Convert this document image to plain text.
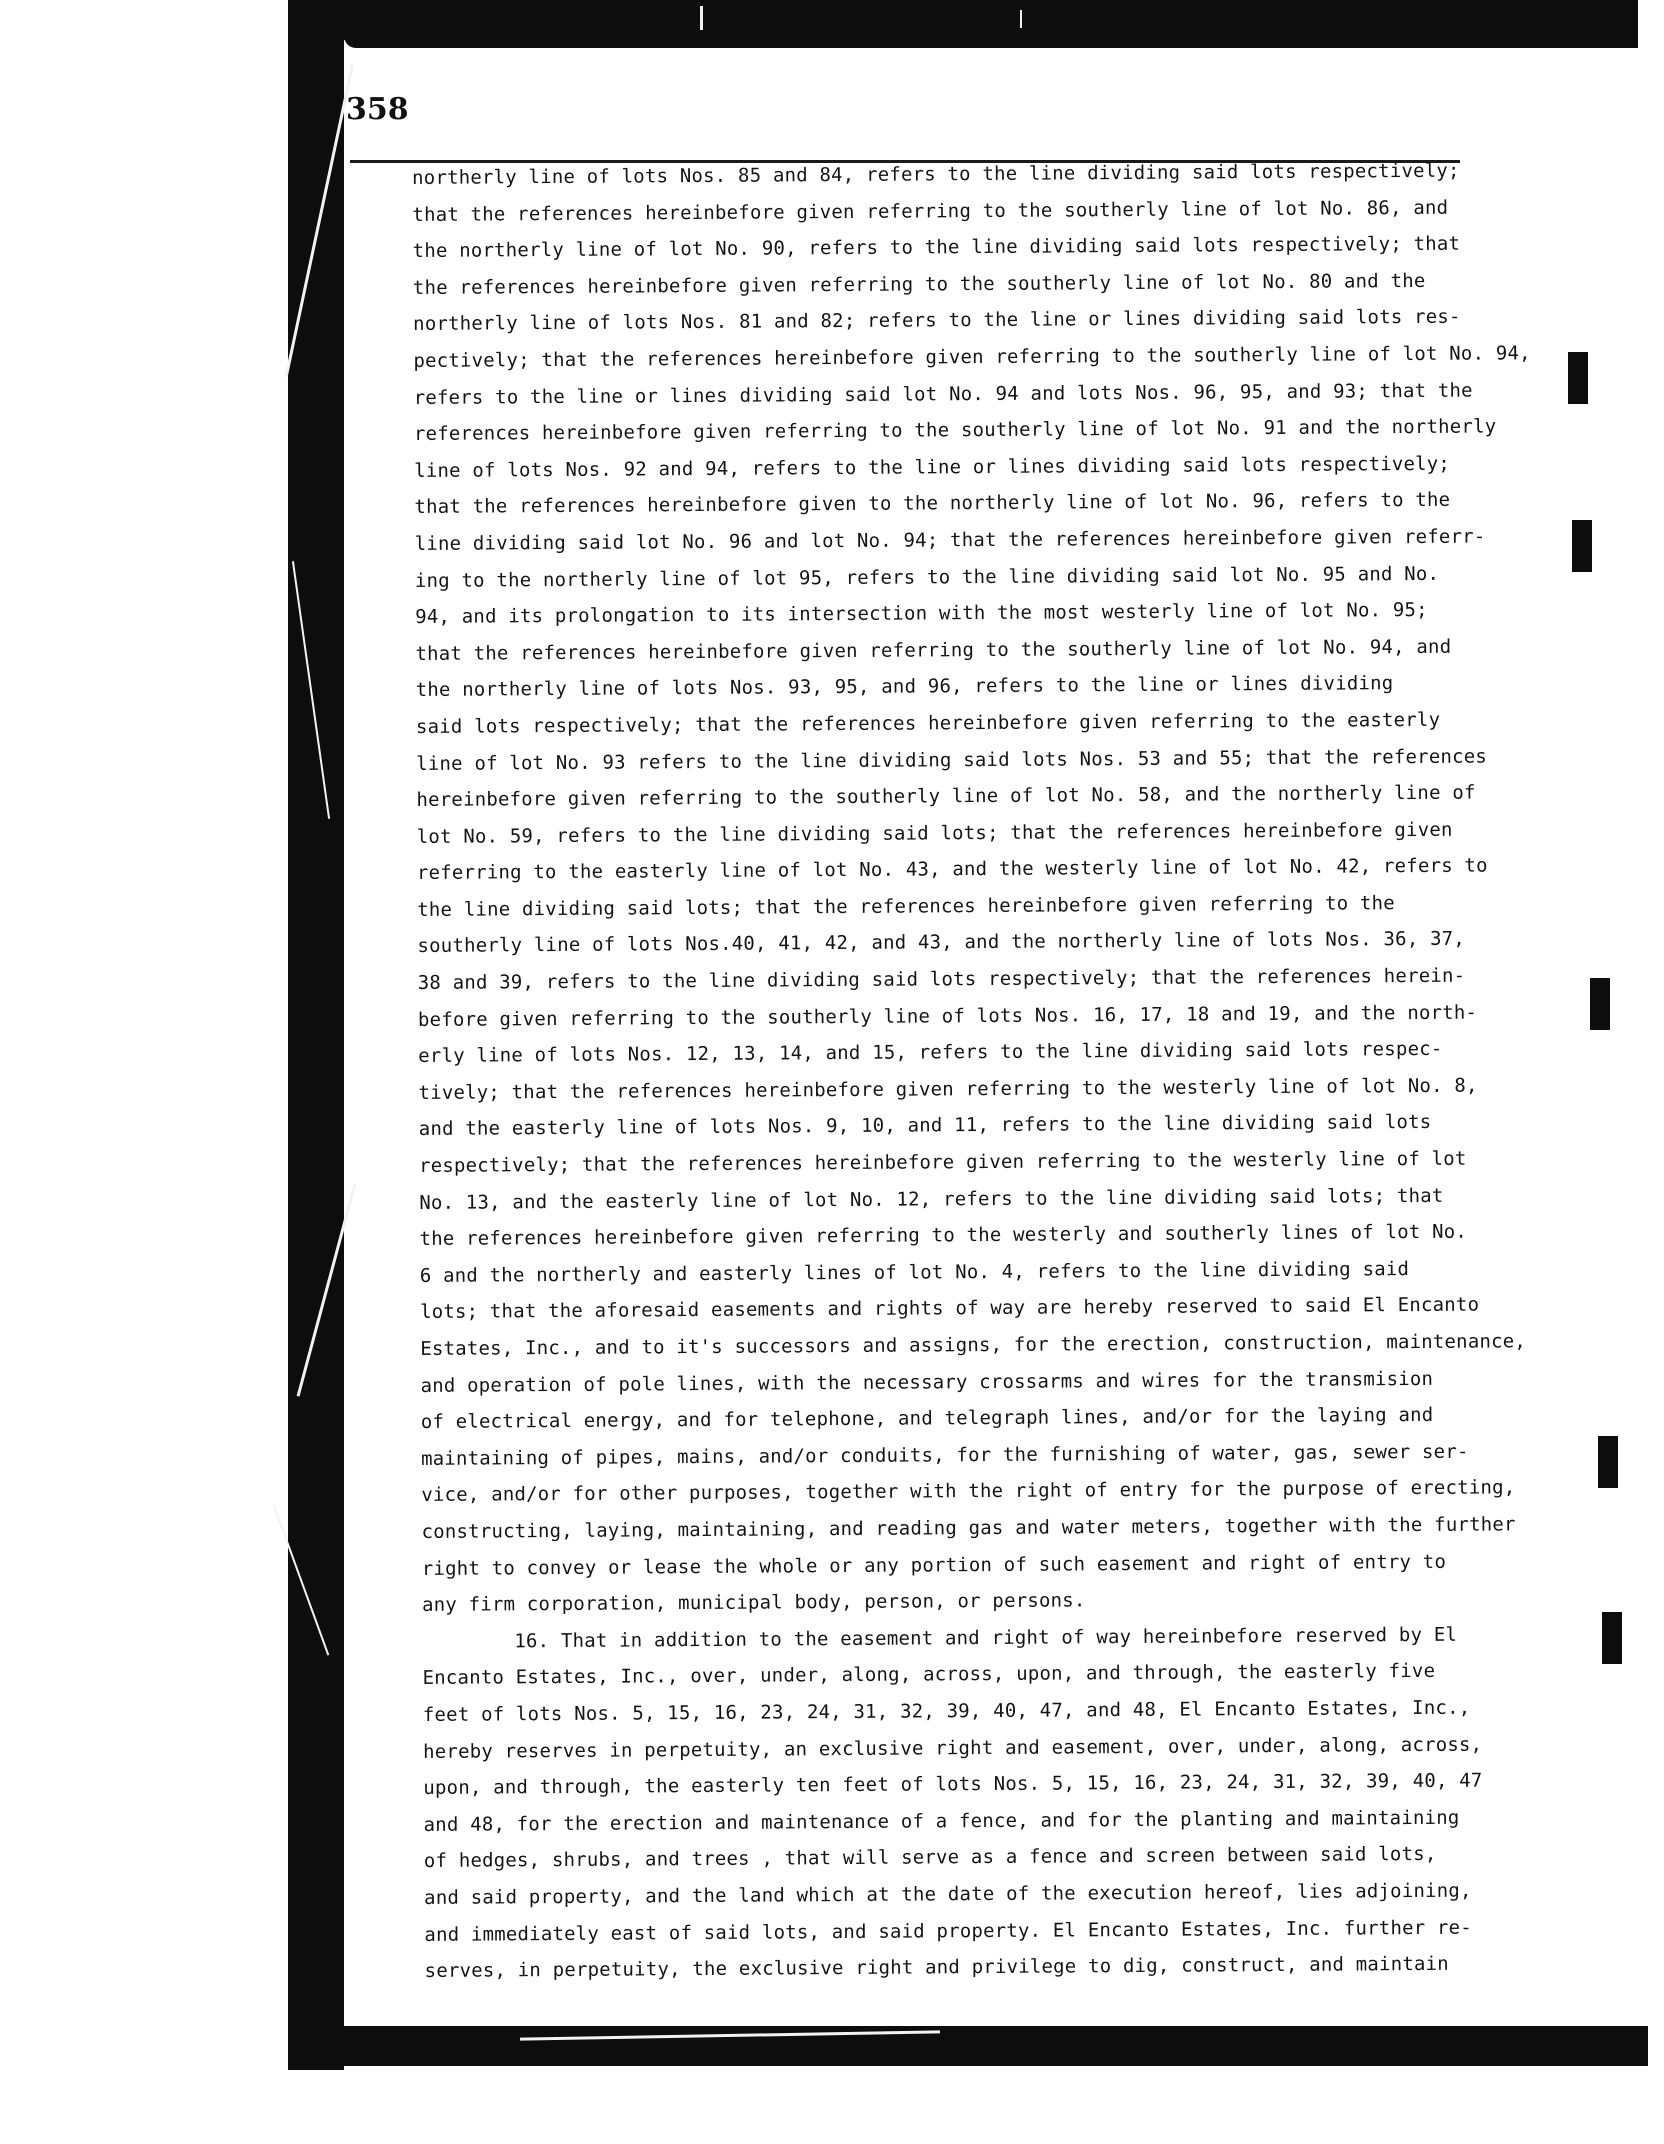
358
northerly line of lots Nos. 85 and 84, refers to the line dividing said lots respectively;
that the references hereinbefore given referring to the southerly line of lot No. 86, and
the northerly line of lot No. 90, refers to the line dividing said lots respectively; that
the references hereinbefore given referring to the southerly line of lot No. 80 and the
northerly line of lots Nos. 81 and 82; refers to the line or lines dividing said lots res-
pectively; that the references hereinbefore given referring to the southerly line of lot No. 94,
refers to the line or lines dividing said lot No. 94 and lots Nos. 96, 95, and 93; that the
references hereinbefore given referring to the southerly line of lot No. 91 and the northerly
line of lots Nos. 92 and 94, refers to the line or lines dividing said lots respectively;
that the references hereinbefore given to the northerly line of lot No. 96, refers to the
line dividing said lot No. 96 and lot No. 94; that the references hereinbefore given referr-
ing to the northerly line of lot 95, refers to the line dividing said lot No. 95 and No.
94, and its prolongation to its intersection with the most westerly line of lot No. 95;
that the references hereinbefore given referring to the southerly line of lot No. 94, and
the northerly line of lots Nos. 93, 95, and 96, refers to the line or lines dividing
said lots respectively; that the references hereinbefore given referring to the easterly
line of lot No. 93 refers to the line dividing said lots Nos. 53 and 55; that the references
hereinbefore given referring to the southerly line of lot No. 58, and the northerly line of
lot No. 59, refers to the line dividing said lots; that the references hereinbefore given
referring to the easterly line of lot No. 43, and the westerly line of lot No. 42, refers to
the line dividing said lots; that the references hereinbefore given referring to the
southerly line of lots Nos.40, 41, 42, and 43, and the northerly line of lots Nos. 36, 37,
38 and 39, refers to the line dividing said lots respectively; that the references herein-
before given referring to the southerly line of lots Nos. 16, 17, 18 and 19, and the north-
erly line of lots Nos. 12, 13, 14, and 15, refers to the line dividing said lots respec-
tively; that the references hereinbefore given referring to the westerly line of lot No. 8,
and the easterly line of lots Nos. 9, 10, and 11, refers to the line dividing said lots
respectively; that the references hereinbefore given referring to the westerly line of lot
No. 13, and the easterly line of lot No. 12, refers to the line dividing said lots; that
the references hereinbefore given referring to the westerly and southerly lines of lot No.
6 and the northerly and easterly lines of lot No. 4, refers to the line dividing said
lots; that the aforesaid easements and rights of way are hereby reserved to said El Encanto
Estates, Inc., and to it's successors and assigns, for the erection, construction, maintenance,
and operation of pole lines, with the necessary crossarms and wires for the transmision
of electrical energy, and for telephone, and telegraph lines, and/or for the laying and
maintaining of pipes, mains, and/or conduits, for the furnishing of water, gas, sewer ser-
vice, and/or for other purposes, together with the right of entry for the purpose of erecting,
constructing, laying, maintaining, and reading gas and water meters, together with the further
right to convey or lease the whole or any portion of such easement and right of entry to
any firm corporation, municipal body, person, or persons.
16. That in addition to the easement and right of way hereinbefore reserved by El
Encanto Estates, Inc., over, under, along, across, upon, and through, the easterly five
feet of lots Nos. 5, 15, 16, 23, 24, 31, 32, 39, 40, 47, and 48, El Encanto Estates, Inc.,
hereby reserves in perpetuity, an exclusive right and easement, over, under, along, across,
upon, and through, the easterly ten feet of lots Nos. 5, 15, 16, 23, 24, 31, 32, 39, 40, 47
and 48, for the erection and maintenance of a fence, and for the planting and maintaining
of hedges, shrubs, and trees , that will serve as a fence and screen between said lots,
and said property, and the land which at the date of the execution hereof, lies adjoining,
and immediately east of said lots, and said property. El Encanto Estates, Inc. further re-
serves, in perpetuity, the exclusive right and privilege to dig, construct, and maintain
